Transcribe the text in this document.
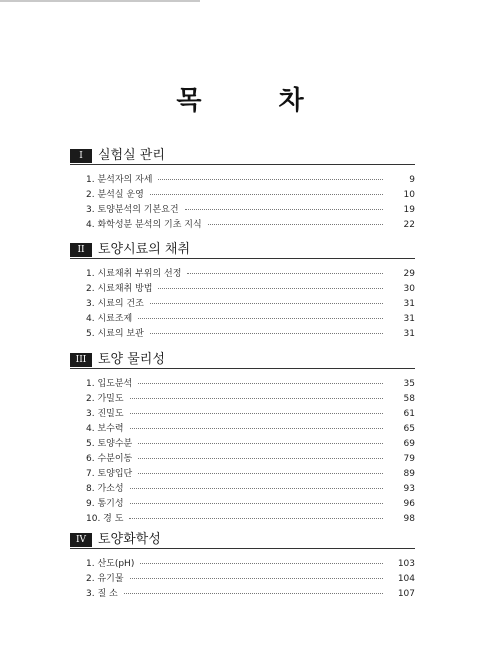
목 차
I	실험실 관리
1. 분석자의 자세	9
2. 분석실 운영	10
3. 토양분석의 기본요건	19
4. 화학성분 분석의 기초 지식	22
II	토양시료의 채취
1. 시료채취 부위의 선정	29
2. 시료채취 방법	30
3. 시료의 건조	31
4. 시료조제	31
5. 시료의 보관	31
III 토양 물리성
1. 입도분석	35
2. 가밀도	58
3. 진밀도	61
4. 보수력	65
5. 토양수분	69
6. 수분이동	79
7. 토양입단	89
8. 가소성	93
9. 통기성	96
10. 경 도	98
IV 토양화학성
1. 산도(pH)	103
2. 유기물	104
3. 질 소	107
